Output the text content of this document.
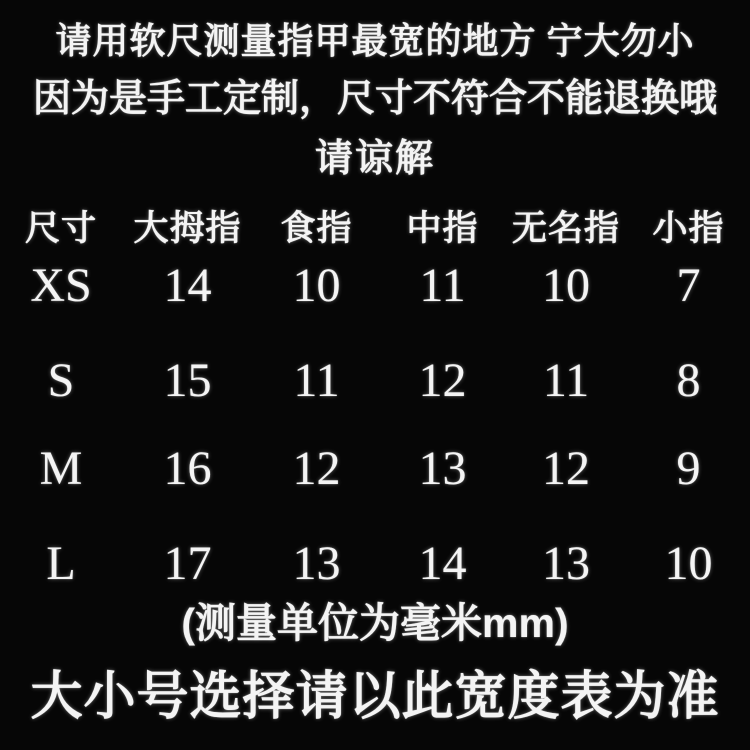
请用软尺测量指甲最宽的地方 宁大勿小

因为是手工定制，尺寸不符合不能退换哦

请谅解

尺寸	大拇指	食指	中指 无名指 小指
XS	14	10	11	10	7
S	15	11	12	11	8
M	16	12	13	12	9
L	17	13	14	13	10

(测量单位为毫米mm)

大小号选择请以此宽度表为准
